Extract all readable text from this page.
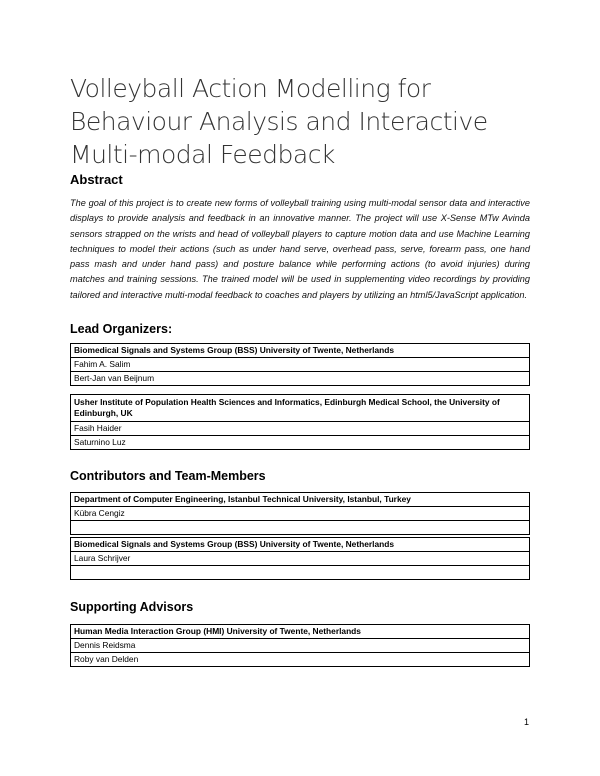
Volleyball Action Modelling for Behaviour Analysis and Interactive Multi-modal Feedback
Abstract
The goal of this project is to create new forms of volleyball training using multi-modal sensor data and interactive displays to provide analysis and feedback in an innovative manner. The project will use X-Sense MTw Avinda sensors strapped on the wrists and head of volleyball players to capture motion data and use Machine Learning techniques to model their actions (such as under hand serve, overhead pass, serve, forearm pass, one hand pass mash and under hand pass) and posture balance while performing actions (to avoid injuries) during matches and training sessions. The trained model will be used in supplementing video recordings by providing tailored and interactive multi-modal feedback to coaches and players by utilizing an html5/JavaScript application.
Lead Organizers:
Biomedical Signals and Systems Group (BSS) University of Twente, Netherlands
Fahim A. Salim
Bert-Jan van Beijnum
Usher Institute of Population Health Sciences and Informatics, Edinburgh Medical School, the University of Edinburgh, UK
Fasih Haider
Saturnino Luz
Contributors and Team-Members
Department of Computer Engineering, Istanbul Technical University, Istanbul, Turkey
Kübra Cengiz

Biomedical Signals and Systems Group (BSS) University of Twente, Netherlands
Laura Schrijver

Supporting Advisors
Human Media Interaction Group (HMI) University of Twente, Netherlands
Dennis Reidsma
Roby van Delden
1
